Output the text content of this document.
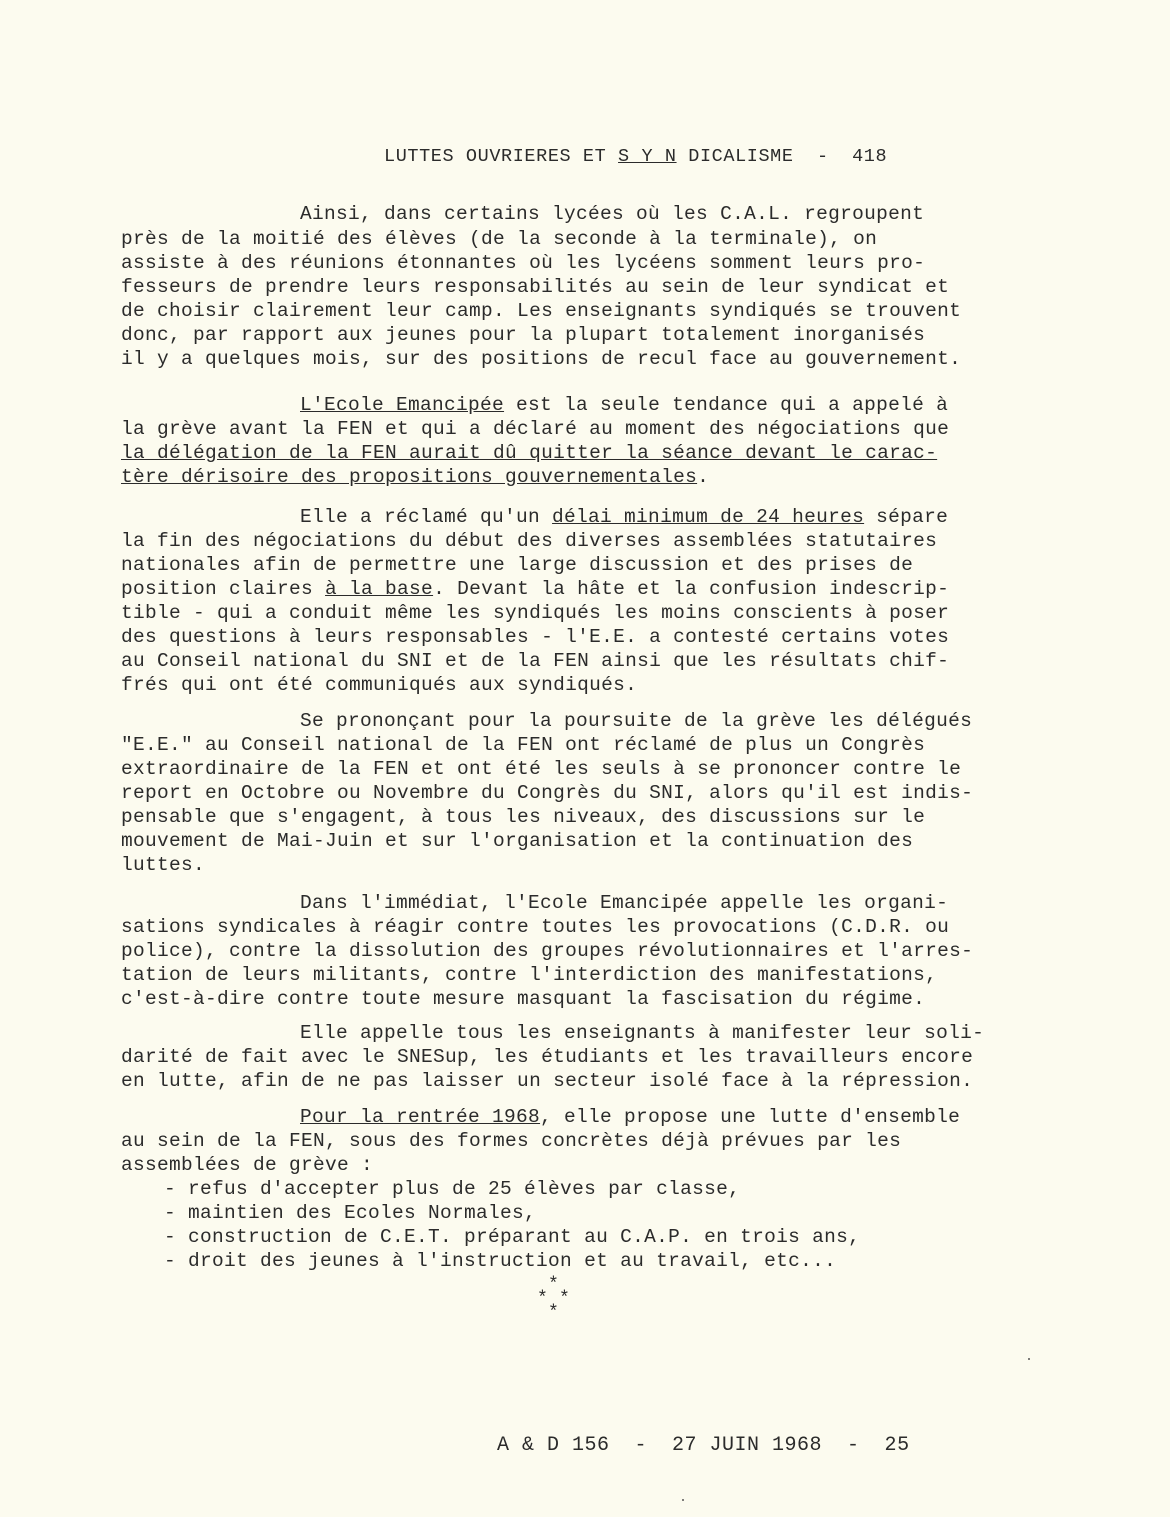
LUTTES OUVRIERES ET S Y N DICALISME  -  418
Ainsi, dans certains lycées où les C.A.L. regroupent
près de la moitié des élèves (de la seconde à la terminale), on
assiste à des réunions étonnantes où les lycéens somment leurs pro-
fesseurs de prendre leurs responsabilités au sein de leur syndicat et
de choisir clairement leur camp. Les enseignants syndiqués se trouvent
donc, par rapport aux jeunes pour la plupart totalement inorganisés
il y a quelques mois, sur des positions de recul face au gouvernement.
L'Ecole Emancipée est la seule tendance qui a appelé à
la grève avant la FEN et qui a déclaré au moment des négociations que
la délégation de la FEN aurait dû quitter la séance devant le carac-
tère dérisoire des propositions gouvernementales.
Elle a réclamé qu'un délai minimum de 24 heures sépare
la fin des négociations du début des diverses assemblées statutaires
nationales afin de permettre une large discussion et des prises de
position claires à la base. Devant la hâte et la confusion indescrip-
tible - qui a conduit même les syndiqués les moins conscients à poser
des questions à leurs responsables - l'E.E. a contesté certains votes
au Conseil national du SNI et de la FEN ainsi que les résultats chif-
frés qui ont été communiqués aux syndiqués.
Se prononçant pour la poursuite de la grève les délégués
"E.E." au Conseil national de la FEN ont réclamé de plus un Congrès
extraordinaire de la FEN et ont été les seuls à se prononcer contre le
report en Octobre ou Novembre du Congrès du SNI, alors qu'il est indis-
pensable que s'engagent, à tous les niveaux, des discussions sur le
mouvement de Mai-Juin et sur l'organisation et la continuation des
luttes.
Dans l'immédiat, l'Ecole Emancipée appelle les organi-
sations syndicales à réagir contre toutes les provocations (C.D.R. ou
police), contre la dissolution des groupes révolutionnaires et l'arres-
tation de leurs militants, contre l'interdiction des manifestations,
c'est-à-dire contre toute mesure masquant la fascisation du régime.
Elle appelle tous les enseignants à manifester leur soli-
darité de fait avec le SNESup, les étudiants et les travailleurs encore
en lutte, afin de ne pas laisser un secteur isolé face à la répression.
Pour la rentrée 1968, elle propose une lutte d'ensemble
au sein de la FEN, sous des formes concrètes déjà prévues par les
assemblées de grève :
- refus d'accepter plus de 25 élèves par classe,
- maintien des Ecoles Normales,
- construction de C.E.T. préparant au C.A.P. en trois ans,
- droit des jeunes à l'instruction et au travail, etc...
*
* *
*
A & D 156  -  27 JUIN 1968  -  25
